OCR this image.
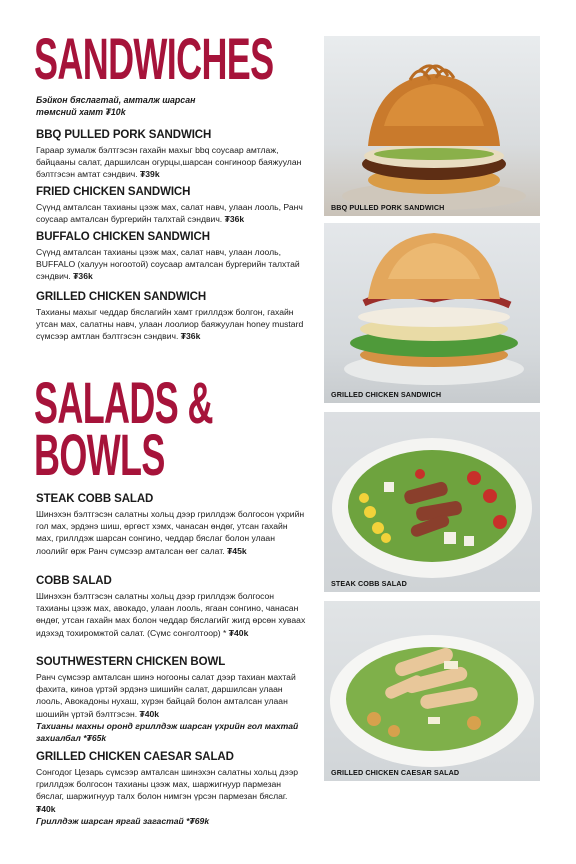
SANDWICHES
Бэйкон бяслагтай, амталж шарсан
төмсний хамт ₮10k
BBQ PULLED PORK SANDWICH

Гараар зумалж бэлтгэсэн гахайн махыг bbq соусаар амтлаж, байцааны салат, даршилсан огурцы,шарсан сонгиноор баяжуулан бэлтгэсэн амтат сэндвич. ₮39k

FRIED CHICKEN SANDWICH

Сүүнд амталсан тахианы цээж мах, салат навч, улаан лооль, Ранч соусаар амталсан бургерийн талхтай сэндвич. ₮36k

BUFFALO CHICKEN SANDWICH

Сүүнд амталсан тахианы цээж мах, салат навч, улаан лооль, BUFFALO (халуун ногоотой) соусаар амталсан бургерийн талхтай сэндвич. ₮36k

GRILLED CHICKEN SANDWICH

Тахианы махыг чеддар бяслагийн хамт гриллдэж болгон, гахайн утсан мах, салатны навч, улаан лоолиор баяжуулан honey mustard сүмсээр амтлан бэлтгэсэн сэндвич. ₮36k

SALADS &
BOWLS
STEAK COBB SALAD

Шинэхэн бэлтгэсэн салатны хольц дээр гриллдэж болгосон үхрийн гол мах, эрдэнэ шиш, өргөст хэмх, чанасан өндөг, утсан гахайн мах, гриллдэж шарсан сонгино, чеддар бяслаг болон улаан лоолийг өрж Ранч сүмсээр амталсан өег салат. ₮45k

COBB SALAD

Шинэхэн бэлтгэсэн салатны хольц дээр гриллдэж болгосон тахианы цээж мах, авокадо, улаан лооль, ягаан сонгино, чанасан өндөг, утсан гахайн мах болон чеддар бяслагийг жигд өрсөн хуваах идэхэд тохиромжтой салат. (Сүмс сонголтоор) * ₮40k

SOUTHWESTERN CHICKEN BOWL

Ранч сүмсээр амталсан шинэ ногооны салат дээр тахиан махтай фахита, киноа үртэй эрдэнэ шишийн салат, даршилсан улаан лооль, Авокадоны нухаш, хүрэн байцай болон амталсан улаан шошийн үртэй бэлтгэсэн. ₮40k

Тахианы махны оронд гриллдэж шарсан үхрийн гол махтай захиалбал *₮65k
GRILLED CHICKEN CAESAR SALAD

Сонгодог Цезарь сүмсээр амталсан шинэхэн салатны хольц дээр гриллдэж болгосон тахианы цээж мах, шаржигнуур пармезан бяслаг, шаржигнуур талх болон нимгэн үрсэн пармезан бяслаг. ₮40k

Гриллдэж шарсан яргай загастай *₮69k
BBQ PULLED PORK SANDWICH
GRILLED CHICKEN SANDWICH
STEAK COBB SALAD
GRILLED CHICKEN CAESAR SALAD
